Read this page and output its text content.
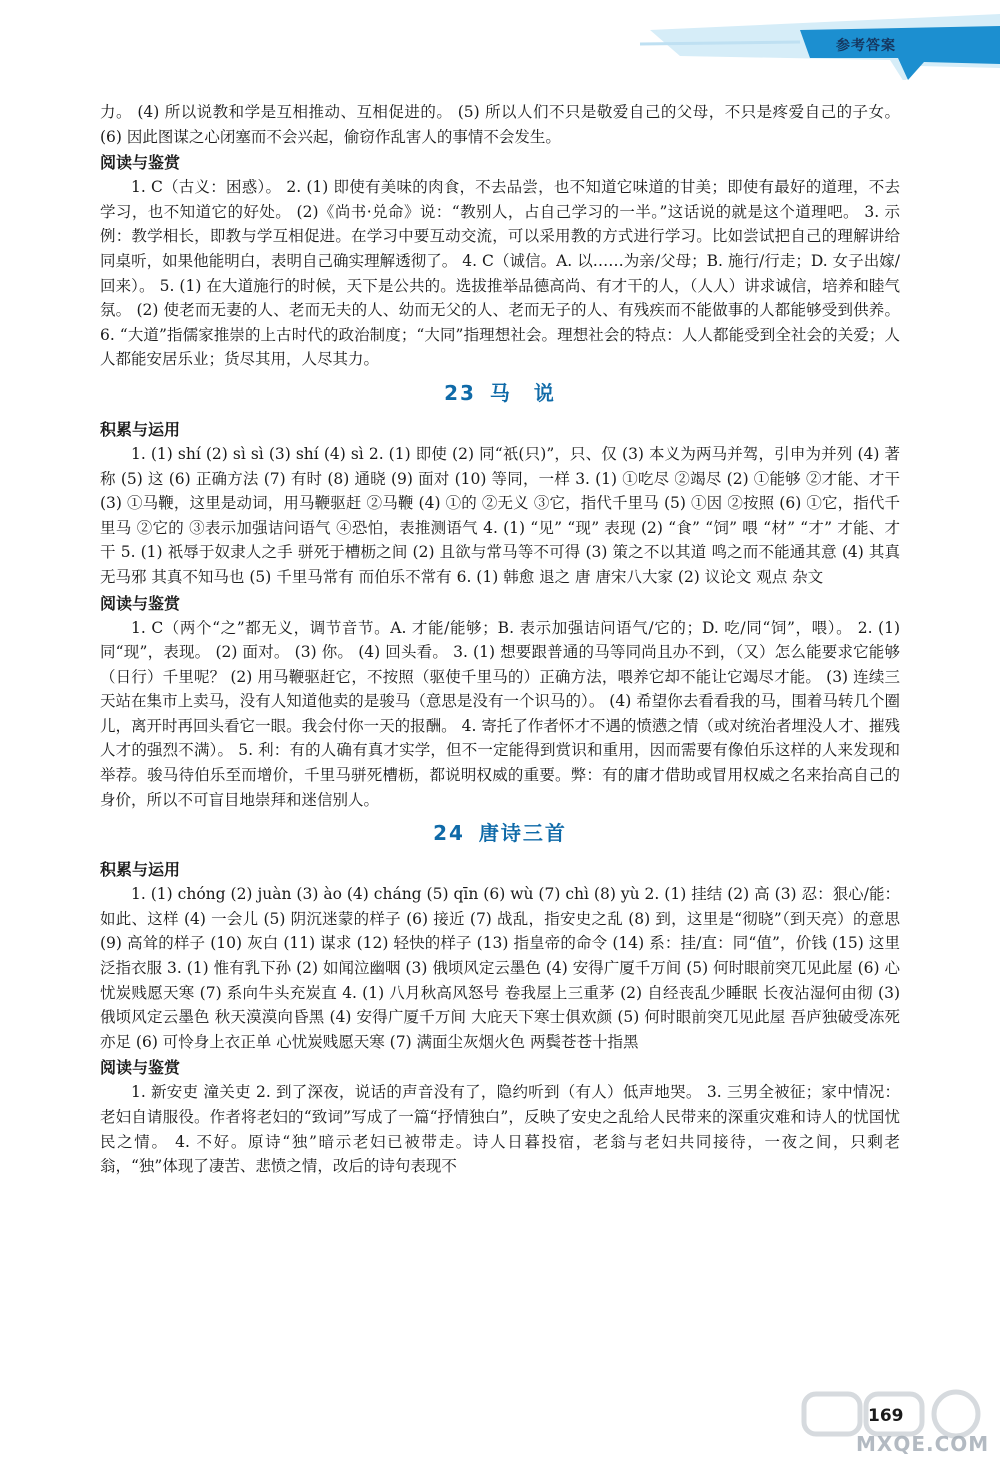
参考答案

力。 (4) 所以说教和学是互相推动、互相促进的。 (5) 所以人们不只是敬爱自己的父母，不只是疼爱自己的子女。 (6) 因此图谋之心闭塞而不会兴起，偷窃作乱害人的事情不会发生。

阅读与鉴赏

1. C（古义：困惑）。 2. (1) 即使有美味的肉食，不去品尝，也不知道它味道的甘美；即使有最好的道理，不去学习，也不知道它的好处。 (2)《尚书·兑命》说：“教别人，占自己学习的一半。”这话说的就是这个道理吧。 3. 示例：教学相长，即教与学互相促进。在学习中要互动交流，可以采用教的方式进行学习。比如尝试把自己的理解讲给同桌听，如果他能明白，表明自己确实理解透彻了。 4. C（诚信。A. 以……为亲/父母；B. 施行/行走；D. 女子出嫁/回来）。 5. (1) 在大道施行的时候，天下是公共的。选拔推举品德高尚、有才干的人，（人人）讲求诚信，培养和睦气氛。 (2) 使老而无妻的人、老而无夫的人、幼而无父的人、老而无子的人、有残疾而不能做事的人都能够受到供养。 6. “大道”指儒家推崇的上古时代的政治制度；“大同”指理想社会。理想社会的特点：人人都能受到全社会的关爱；人人都能安居乐业；货尽其用，人尽其力。

23 马　说
积累与运用

1. (1) shí (2) sì sì (3) shí (4) sì 2. (1) 即使 (2) 同“祇(只)”，只、仅 (3) 本义为两马并驾，引申为并列 (4) 著称 (5) 这 (6) 正确方法 (7) 有时 (8) 通晓 (9) 面对 (10) 等同，一样 3. (1) ①吃尽 ②竭尽 (2) ①能够 ②才能、才干 (3) ①马鞭，这里是动词，用马鞭驱赶 ②马鞭 (4) ①的 ②无义 ③它，指代千里马 (5) ①因 ②按照 (6) ①它，指代千里马 ②它的 ③表示加强诘问语气 ④恐怕，表推测语气 4. (1) “见” “现” 表现 (2) “食” “饲” 喂 “材” “才” 才能、才干 5. (1) 祇辱于奴隶人之手 骈死于槽枥之间 (2) 且欲与常马等不可得 (3) 策之不以其道 鸣之而不能通其意 (4) 其真无马邪 其真不知马也 (5) 千里马常有 而伯乐不常有 6. (1) 韩愈 退之 唐 唐宋八大家 (2) 议论文 观点 杂文

阅读与鉴赏

1. C（两个“之”都无义，调节音节。A. 才能/能够；B. 表示加强诘问语气/它的；D. 吃/同“饲”，喂）。 2. (1) 同“现”，表现。 (2) 面对。 (3) 你。 (4) 回头看。 3. (1) 想要跟普通的马等同尚且办不到，（又）怎么能要求它能够（日行）千里呢？ (2) 用马鞭驱赶它，不按照（驱使千里马的）正确方法，喂养它却不能让它竭尽才能。 (3) 连续三天站在集市上卖马，没有人知道他卖的是骏马（意思是没有一个识马的）。 (4) 希望你去看看我的马，围着马转几个圈儿，离开时再回头看它一眼。我会付你一天的报酬。 4. 寄托了作者怀才不遇的愤懑之情（或对统治者埋没人才、摧残人才的强烈不满）。 5. 利：有的人确有真才实学，但不一定能得到赏识和重用，因而需要有像伯乐这样的人来发现和举荐。骏马待伯乐至而增价，千里马骈死槽枥，都说明权威的重要。弊：有的庸才借助或冒用权威之名来抬高自己的身价，所以不可盲目地崇拜和迷信别人。

24 唐诗三首
积累与运用

1. (1) chóng (2) juàn (3) ào (4) cháng (5) qīn (6) wù (7) chì (8) yù 2. (1) 挂结 (2) 高 (3) 忍：狠心/能：如此、这样 (4) 一会儿 (5) 阴沉迷蒙的样子 (6) 接近 (7) 战乱，指安史之乱 (8) 到，这里是“彻晓”（到天亮）的意思 (9) 高耸的样子 (10) 灰白 (11) 谋求 (12) 轻快的样子 (13) 指皇帝的命令 (14) 系：挂/直：同“值”，价钱 (15) 这里泛指衣服 3. (1) 惟有乳下孙 (2) 如闻泣幽咽 (3) 俄顷风定云墨色 (4) 安得广厦千万间 (5) 何时眼前突兀见此屋 (6) 心忧炭贱愿天寒 (7) 系向牛头充炭直 4. (1) 八月秋高风怒号 卷我屋上三重茅 (2) 自经丧乱少睡眠 长夜沾湿何由彻 (3) 俄顷风定云墨色 秋天漠漠向昏黑 (4) 安得广厦千万间 大庇天下寒士俱欢颜 (5) 何时眼前突兀见此屋 吾庐独破受冻死亦足 (6) 可怜身上衣正单 心忧炭贱愿天寒 (7) 满面尘灰烟火色 两鬓苍苍十指黑

阅读与鉴赏

1. 新安吏 潼关吏 2. 到了深夜，说话的声音没有了，隐约听到（有人）低声地哭。 3. 三男全被征；家中情况：老妇自请服役。作者将老妇的“致词”写成了一篇“抒情独白”，反映了安史之乱给人民带来的深重灾难和诗人的忧国忧民之情。 4. 不好。原诗“独”暗示老妇已被带走。诗人日暮投宿，老翁与老妇共同接待，一夜之间，只剩老翁，“独”体现了凄苦、悲愤之情，改后的诗句表现不

MXQE.COM
169
